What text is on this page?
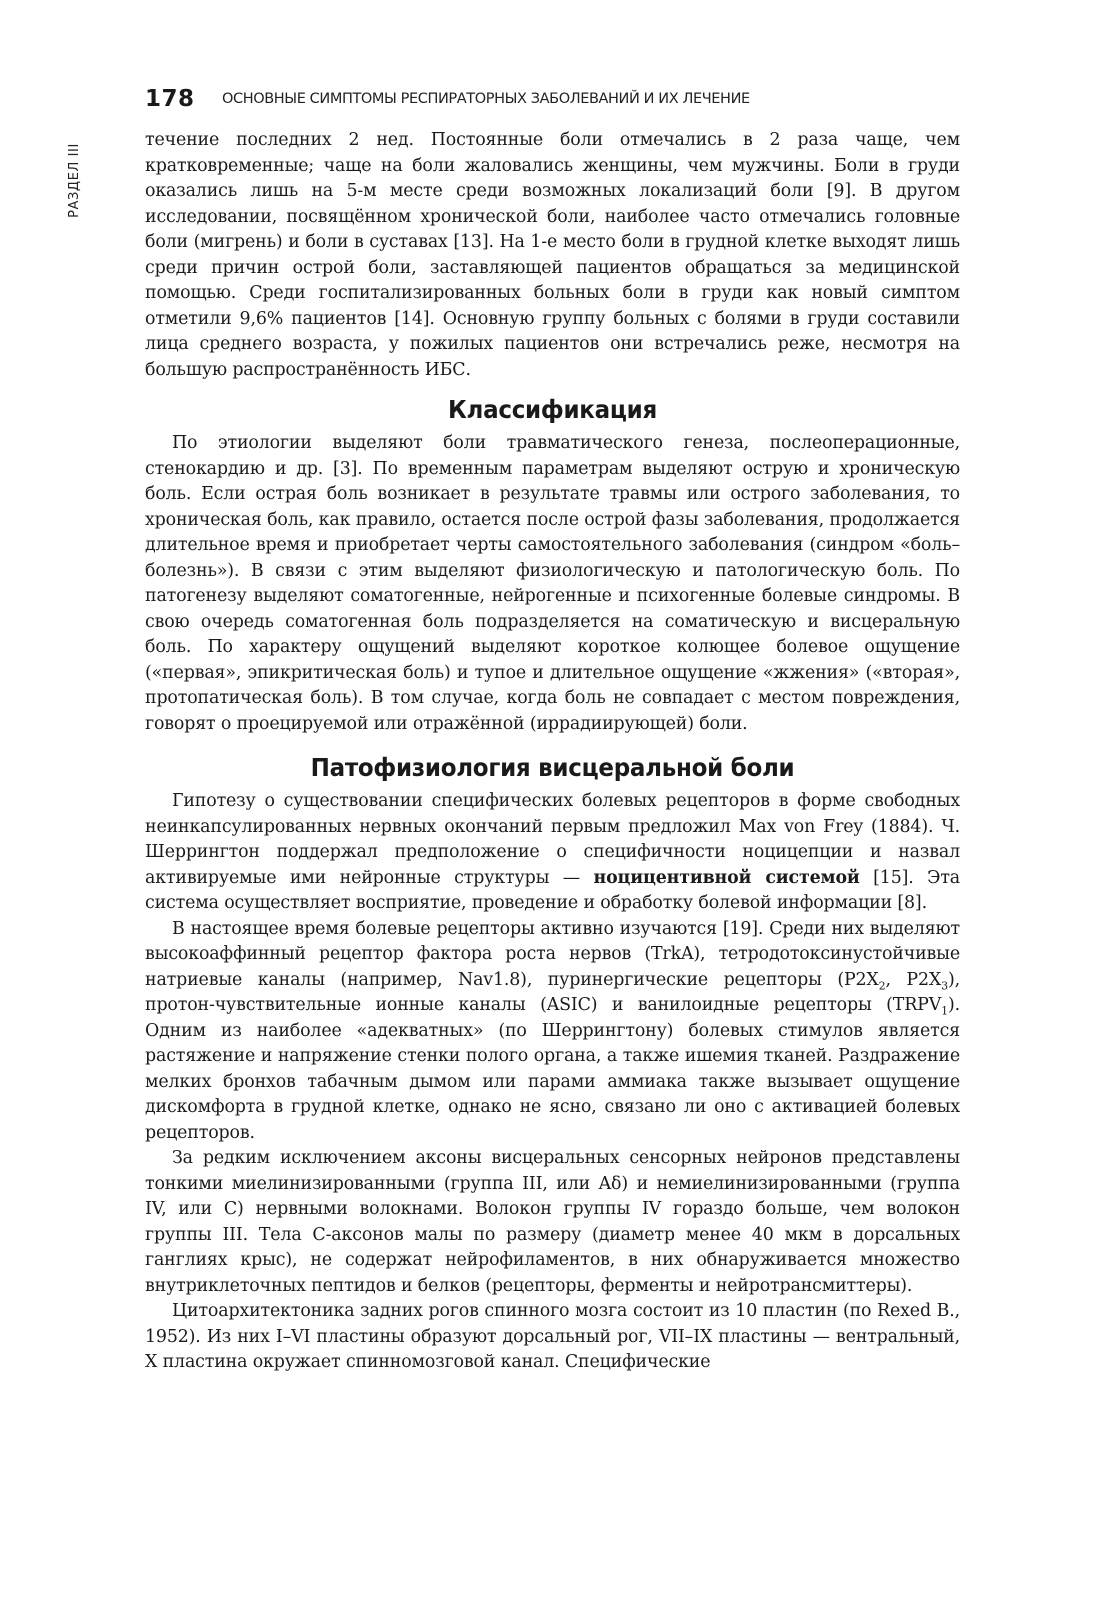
178 ОСНОВНЫЕ СИМПТОМЫ РЕСПИРАТОРНЫХ ЗАБОЛЕВАНИЙ И ИХ ЛЕЧЕНИЕ
РАЗДЕЛ III

течение последних 2 нед. Постоянные боли отмечались в 2 раза чаще, чем кратковременные; чаще на боли жаловались женщины, чем мужчины. Боли в груди оказались лишь на 5-м месте среди возможных локализаций боли [9]. В другом исследовании, посвящённом хронической боли, наиболее часто отмечались головные боли (мигрень) и боли в суставах [13]. На 1-е место боли в грудной клетке выходят лишь среди причин острой боли, заставляющей пациентов обращаться за медицинской помощью. Среди госпитализированных больных боли в груди как новый симптом отметили 9,6% пациентов [14]. Основную группу больных с болями в груди составили лица среднего возраста, у пожилых пациентов они встречались реже, несмотря на большую распространённость ИБС.

Классификация

По этиологии выделяют боли травматического генеза, послеоперационные, стенокардию и др. [3]. По временным параметрам выделяют острую и хроническую боль. Если острая боль возникает в результате травмы или острого заболевания, то хроническая боль, как правило, остается после острой фазы заболевания, продолжается длительное время и приобретает черты самостоятельного заболевания (синдром «боль–болезнь»). В связи с этим выделяют физиологическую и патологическую боль. По патогенезу выделяют соматогенные, нейрогенные и психогенные болевые синдромы. В свою очередь соматогенная боль подразделяется на соматическую и висцеральную боль. По характеру ощущений выделяют короткое колющее болевое ощущение («первая», эпикритическая боль) и тупое и длительное ощущение «жжения» («вторая», протопатическая боль). В том случае, когда боль не совпадает с местом повреждения, говорят о проецируемой или отражённой (иррадиирующей) боли.

Патофизиология висцеральной боли

Гипотезу о существовании специфических болевых рецепторов в форме свободных неинкапсулированных нервных окончаний первым предложил Max von Frey (1884). Ч. Шеррингтон поддержал предположение о специфичности ноцицепции и назвал активируемые ими нейронные структуры — ноцицентивной системой [15]. Эта система осуществляет восприятие, проведение и обработку болевой информации [8].

В настоящее время болевые рецепторы активно изучаются [19]. Среди них выделяют высокоаффинный рецептор фактора роста нервов (TrkA), тетродотоксинустойчивые натриевые каналы (например, Nav1.8), пуринергические рецепторы ($P2X_2$, $P2X_3$), протон-чувствительные ионные каналы (ASIC) и ванилоидные рецепторы $(TRPV_1)$. Одним из наиболее «адекватных» (по Шеррингтону) болевых стимулов является растяжение и напряжение стенки полого органа, а также ишемия тканей. Раздражение мелких бронхов табачным дымом или парами аммиака также вызывает ощущение дискомфорта в грудной клетке, однако не ясно, связано ли оно с активацией болевых рецепторов.

За редким исключением аксоны висцеральных сенсорных нейронов представлены тонкими миелинизированными (группа III, или Aδ) и немиелинизированными (группа IV, или С) нервными волокнами. Волокон группы IV гораздо больше, чем волокон группы III. Тела С-аксонов малы по размеру (диаметр менее 40 мкм в дорсальных ганглиях крыс), не содержат нейрофиламентов, в них обнаруживается множество внутриклеточных пептидов и белков (рецепторы, ферменты и нейротрансмиттеры).

Цитоархитектоника задних рогов спинного мозга состоит из 10 пластин (по Rexed B., 1952). Из них I–VI пластины образуют дорсальный рог, VII–IX пластины — вентральный, X пластина окружает спинномозговой канал. Специфические
